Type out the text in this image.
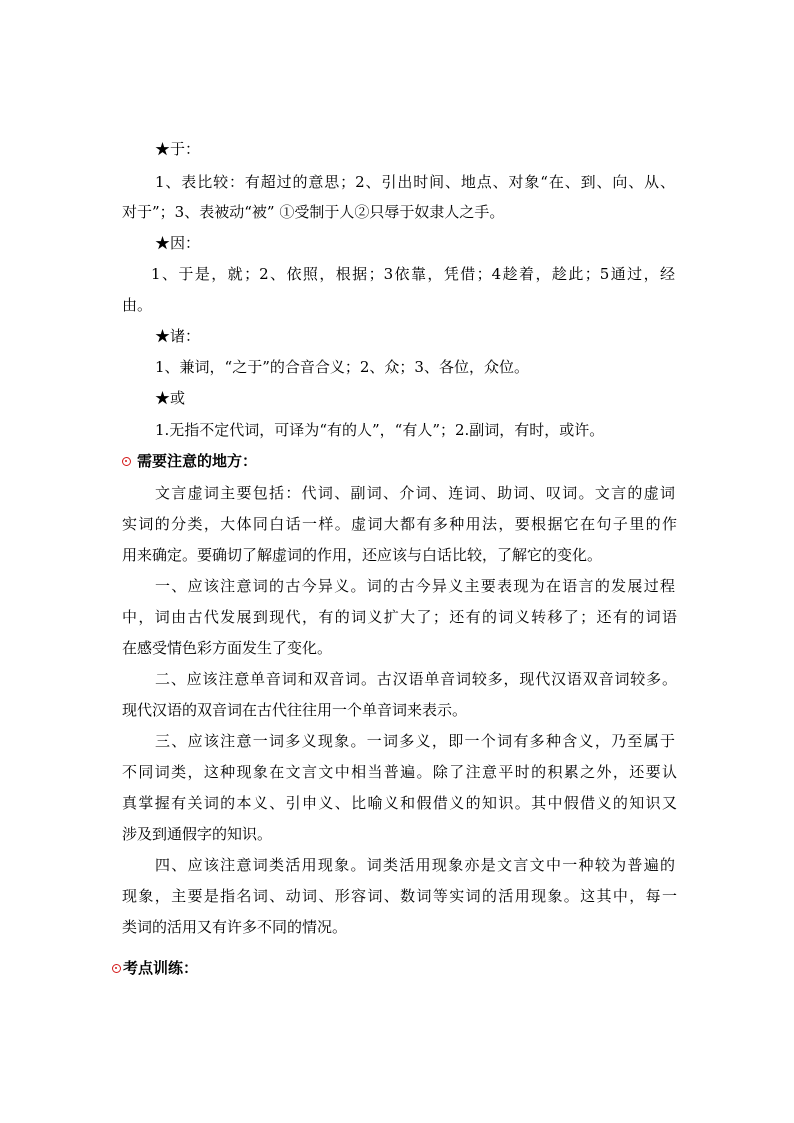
★于：
1、表比较：有超过的意思；2、引出时间、地点、对象“在、到、向、从、
对于”；3、表被动“被” ①受制于人②只辱于奴隶人之手。
★因：
1、于是，就；2、依照，根据；3依靠，凭借；4趁着，趁此；5通过，经
由。
★诸：
1、兼词，“之于”的合音合义；2、众；3、各位，众位。
★或
1.无指不定代词，可译为“有的人”，“有人”；2.副词，有时，或许。
需要注意的地方：
文言虚词主要包括：代词、副词、介词、连词、助词、叹词。文言的虚词
实词的分类，大体同白话一样。虚词大都有多种用法，要根据它在句子里的作
用来确定。要确切了解虚词的作用，还应该与白话比较，了解它的变化。
一、应该注意词的古今异义。词的古今异义主要表现为在语言的发展过程
中，词由古代发展到现代，有的词义扩大了；还有的词义转移了；还有的词语
在感受情色彩方面发生了变化。
二、应该注意单音词和双音词。古汉语单音词较多，现代汉语双音词较多。
现代汉语的双音词在古代往往用一个单音词来表示。
三、应该注意一词多义现象。一词多义，即一个词有多种含义，乃至属于
不同词类，这种现象在文言文中相当普遍。除了注意平时的积累之外，还要认
真掌握有关词的本义、引申义、比喻义和假借义的知识。其中假借义的知识又
涉及到通假字的知识。
四、应该注意词类活用现象。词类活用现象亦是文言文中一种较为普遍的
现象，主要是指名词、动词、形容词、数词等实词的活用现象。这其中，每一
类词的活用又有许多不同的情况。
考点训练：
